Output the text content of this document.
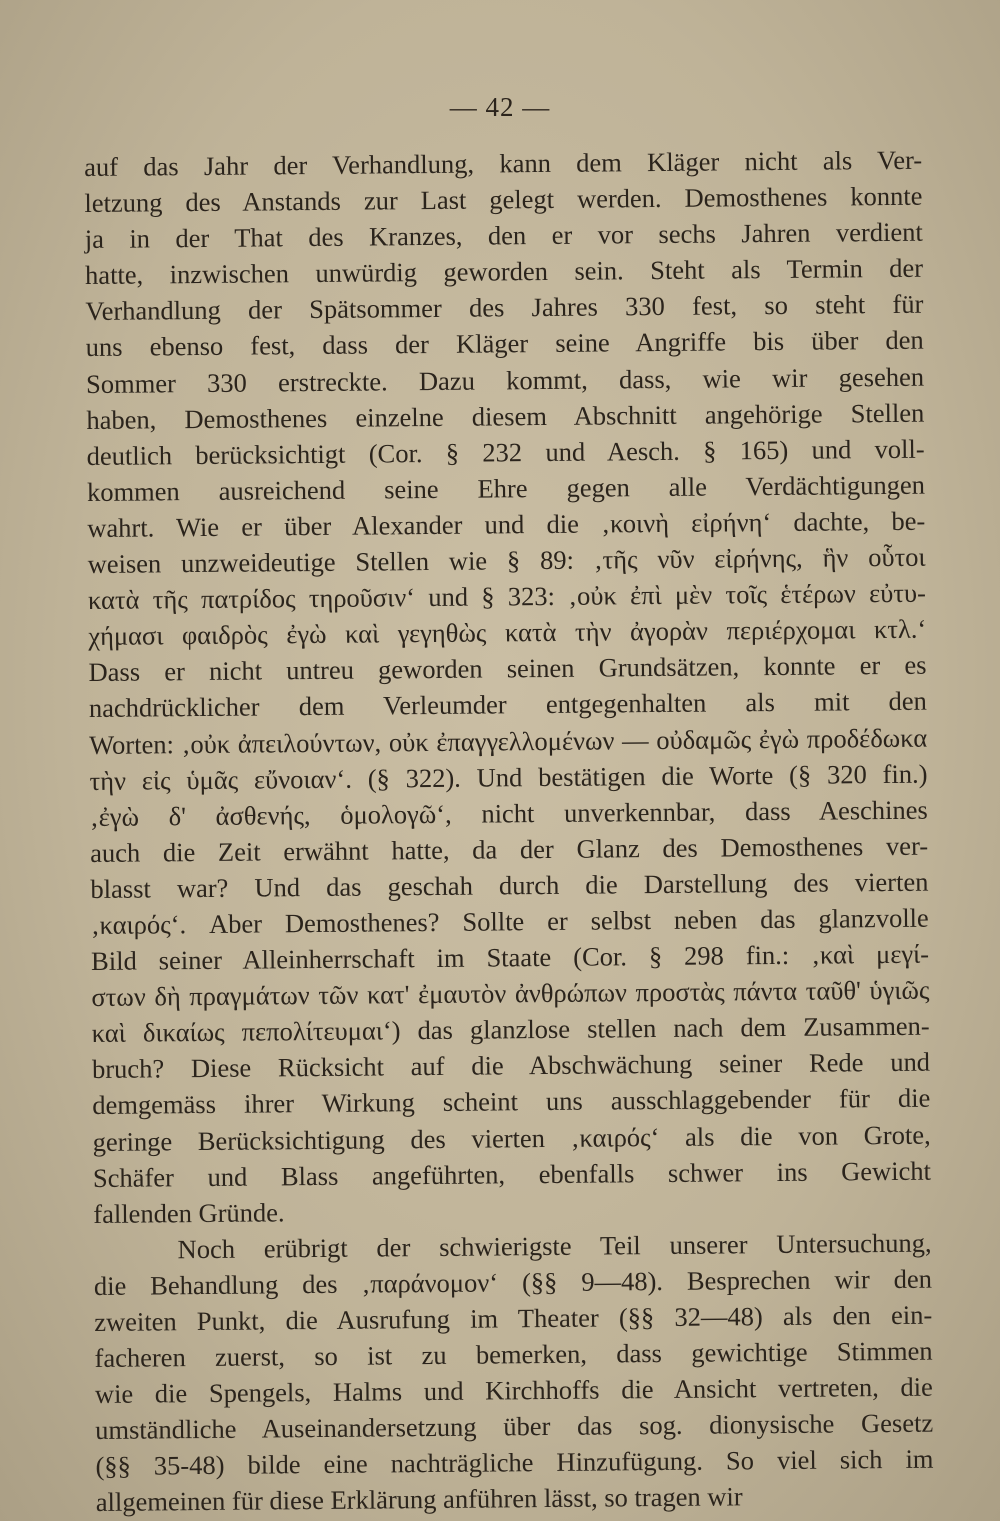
— 42 —
auf das Jahr der Verhandlung, kann dem Kläger nicht als Ver-
letzung des Anstands zur Last gelegt werden. Demosthenes konnte
ja in der That des Kranzes, den er vor sechs Jahren verdient
hatte, inzwischen unwürdig geworden sein. Steht als Termin der
Verhandlung der Spätsommer des Jahres 330 fest, so steht für
uns ebenso fest, dass der Kläger seine Angriffe bis über den
Sommer 330 erstreckte. Dazu kommt, dass, wie wir gesehen
haben, Demosthenes einzelne diesem Abschnitt angehörige Stellen
deutlich berücksichtigt (Cor. § 232 und Aesch. § 165) und voll-
kommen ausreichend seine Ehre gegen alle Verdächtigungen
wahrt. Wie er über Alexander und die ‚κοινὴ εἰρήνη‘ dachte, be-
weisen unzweideutige Stellen wie § 89: ‚τῆς νῦν εἰρήνης, ἣν οὗτοι
κατὰ τῆς πατρίδος τηροῦσιν‘ und § 323: ‚οὐκ ἐπὶ μὲν τοῖς ἑτέρων εὐτυ-
χήμασι φαιδρὸς ἐγὼ καὶ γεγηθὼς κατὰ τὴν ἀγορὰν περιέρχομαι κτλ.‘
Dass er nicht untreu geworden seinen Grundsätzen, konnte er es
nachdrücklicher dem Verleumder entgegenhalten als mit den
Worten: ‚οὐκ ἀπειλούντων, οὐκ ἐπαγγελλομένων — οὐδαμῶς ἐγὼ προδέδωκα
τὴν εἰς ὑμᾶς εὔνοιαν‘. (§ 322). Und bestätigen die Worte (§ 320 fin.)
‚ἐγὼ δ' ἀσθενής, ὁμολογῶ‘, nicht unverkennbar, dass Aeschines
auch die Zeit erwähnt hatte, da der Glanz des Demosthenes ver-
blasst war? Und das geschah durch die Darstellung des vierten
‚καιρός‘. Aber Demosthenes? Sollte er selbst neben das glanzvolle
Bild seiner Alleinherrschaft im Staate (Cor. § 298 fin.: ‚καὶ μεγί-
στων δὴ πραγμάτων τῶν κατ' ἐμαυτὸν ἀνθρώπων προστὰς πάντα ταῦθ' ὑγιῶς
καὶ δικαίως πεπολίτευμαι‘) das glanzlose stellen nach dem Zusammen-
bruch? Diese Rücksicht auf die Abschwächung seiner Rede und
demgemäss ihrer Wirkung scheint uns ausschlaggebender für die
geringe Berücksichtigung des vierten ‚καιρός‘ als die von Grote,
Schäfer und Blass angeführten, ebenfalls schwer ins Gewicht
fallenden Gründe.
Noch erübrigt der schwierigste Teil unserer Untersuchung,
die Behandlung des ‚παράνομον‘ (§§ 9—48). Besprechen wir den
zweiten Punkt, die Ausrufung im Theater (§§ 32—48) als den ein-
facheren zuerst, so ist zu bemerken, dass gewichtige Stimmen
wie die Spengels, Halms und Kirchhoffs die Ansicht vertreten, die
umständliche Auseinandersetzung über das sog. dionysische Gesetz
(§§ 35-48) bilde eine nachträgliche Hinzufügung. So viel sich im
allgemeinen für diese Erklärung anführen lässt, so tragen wir
